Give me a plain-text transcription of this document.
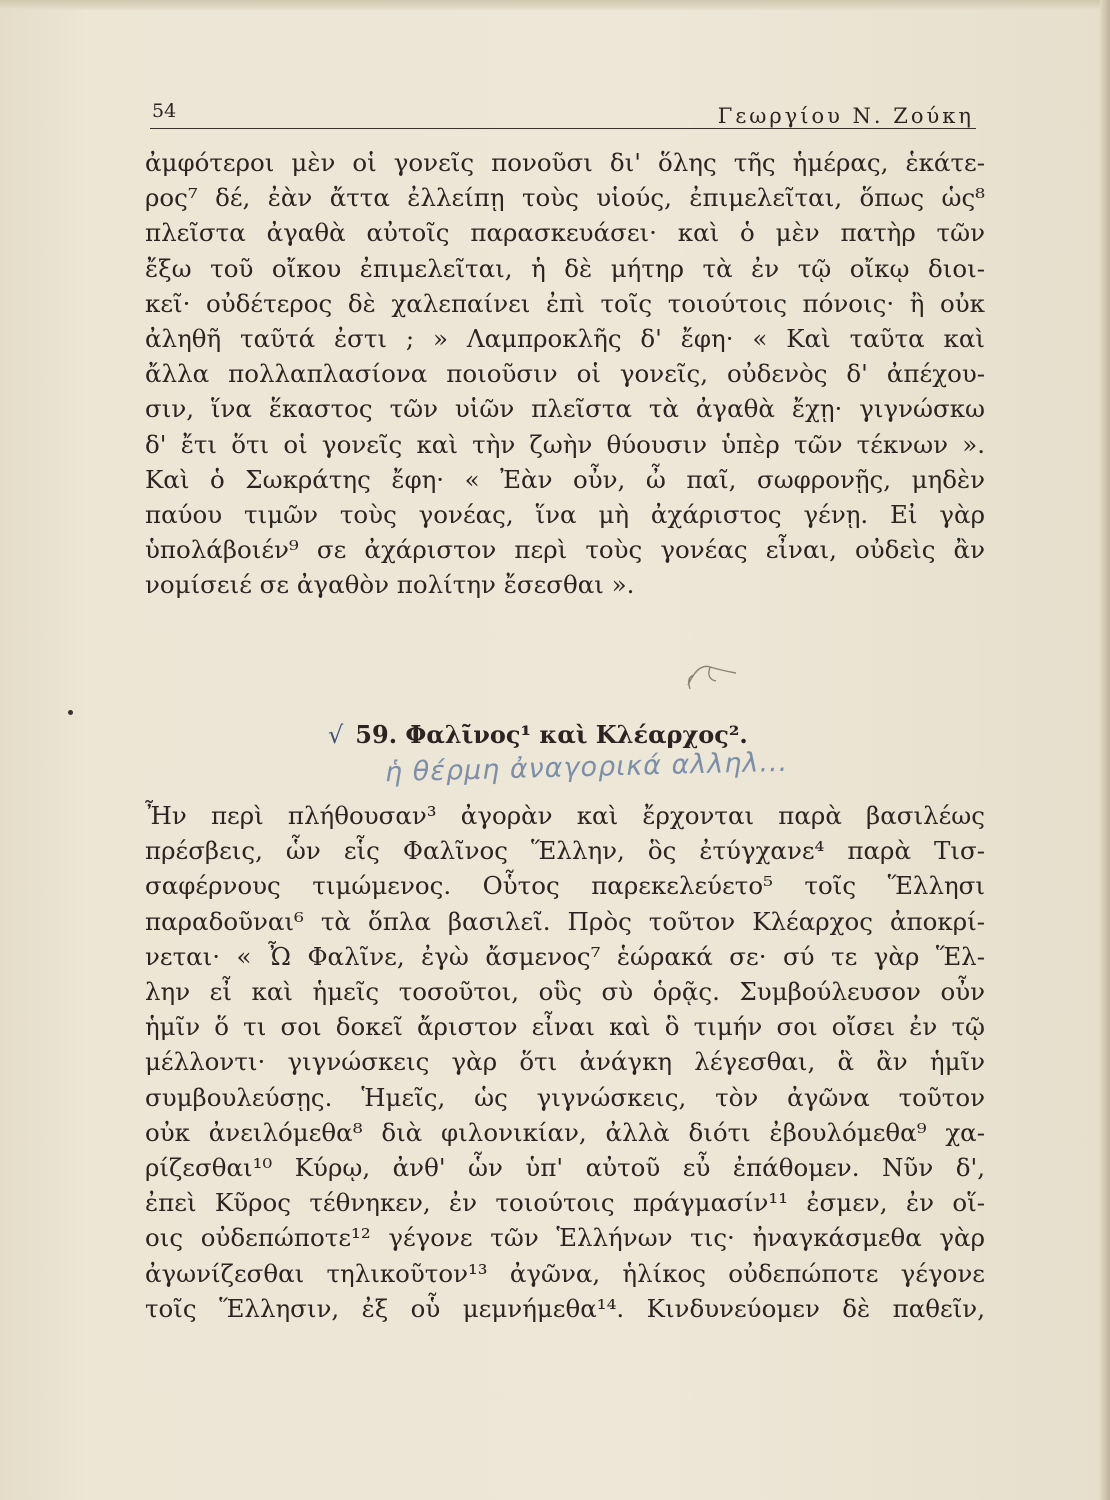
54	Γεωργίου Ν. Ζούκη
ἀμφότεροι μὲν οἱ γονεῖς πονοῦσι δι' ὅλης τῆς ἡμέρας, ἑκάτε-
ρος⁷ δέ, ἐὰν ἄττα ἐλλείπῃ τοὺς υἱούς, ἐπιμελεῖται, ὅπως ὡς⁸
πλεῖστα ἀγαθὰ αὐτοῖς παρασκευάσει· καὶ ὁ μὲν πατὴρ τῶν
ἔξω τοῦ οἴκου ἐπιμελεῖται, ἡ δὲ μήτηρ τὰ ἐν τῷ οἴκῳ διοι-
κεῖ· οὐδέτερος δὲ χαλεπαίνει ἐπὶ τοῖς τοιούτοις πόνοις· ἢ οὐκ
ἀληθῆ ταῦτά ἐστι ; » Λαμπροκλῆς δ' ἔφη· « Καὶ ταῦτα καὶ
ἄλλα πολλαπλασίονα ποιοῦσιν οἱ γονεῖς, οὐδενὸς δ' ἀπέχου-
σιν, ἵνα ἕκαστος τῶν υἱῶν πλεῖστα τὰ ἀγαθὰ ἔχῃ· γιγνώσκω
δ' ἔτι ὅτι οἱ γονεῖς καὶ τὴν ζωὴν θύουσιν ὑπὲρ τῶν τέκνων ».
Καὶ ὁ Σωκράτης ἔφη· « Ἐὰν οὖν, ὦ παῖ, σωφρονῇς, μηδὲν
παύου τιμῶν τοὺς γονέας, ἵνα μὴ ἀχάριστος γένῃ. Εἰ γὰρ
ὑπολάβοιέν⁹ σε ἀχάριστον περὶ τοὺς γονέας εἶναι, οὐδεὶς ἂν
νομίσειέ σε ἀγαθὸν πολίτην ἔσεσθαι ».
√ 59. Φαλῖνος¹ καὶ Κλέαρχος².
ἡ θέρμη ἀναγορικά αλληλ...
Ἦν περὶ πλήθουσαν³ ἀγορὰν καὶ ἔρχονται παρὰ βασιλέως
πρέσβεις, ὧν εἷς Φαλῖνος Ἕλλην, ὃς ἐτύγχανε⁴ παρὰ Τισ-
σαφέρνους τιμώμενος. Οὗτος παρεκελεύετο⁵ τοῖς Ἕλλησι
παραδοῦναι⁶ τὰ ὅπλα βασιλεῖ. Πρὸς τοῦτον Κλέαρχος ἀποκρί-
νεται· « Ὦ Φαλῖνε, ἐγὼ ἄσμενος⁷ ἑώρακά σε· σύ τε γὰρ Ἕλ-
λην εἶ καὶ ἡμεῖς τοσοῦτοι, οὓς σὺ ὁρᾷς. Συμβούλευσον οὖν
ἡμῖν ὅ τι σοι δοκεῖ ἄριστον εἶναι καὶ ὃ τιμήν σοι οἴσει ἐν τῷ
μέλλοντι· γιγνώσκεις γὰρ ὅτι ἀνάγκη λέγεσθαι, ἃ ἂν ἡμῖν
συμβουλεύσῃς. Ἡμεῖς, ὡς γιγνώσκεις, τὸν ἀγῶνα τοῦτον
οὐκ ἀνειλόμεθα⁸ διὰ φιλονικίαν, ἀλλὰ διότι ἐβουλόμεθα⁹ χα-
ρίζεσθαι¹⁰ Κύρῳ, ἀνθ' ὧν ὑπ' αὐτοῦ εὖ ἐπάθομεν. Νῦν δ',
ἐπεὶ Κῦρος τέθνηκεν, ἐν τοιούτοις πράγμασίν¹¹ ἐσμεν, ἐν οἵ-
οις οὐδεπώποτε¹² γέγονε τῶν Ἑλλήνων τις· ἠναγκάσμεθα γὰρ
ἀγωνίζεσθαι τηλικοῦτον¹³ ἀγῶνα, ἡλίκος οὐδεπώποτε γέγονε
τοῖς Ἕλλησιν, ἐξ οὗ μεμνήμεθα¹⁴. Κινδυνεύομεν δὲ παθεῖν,
